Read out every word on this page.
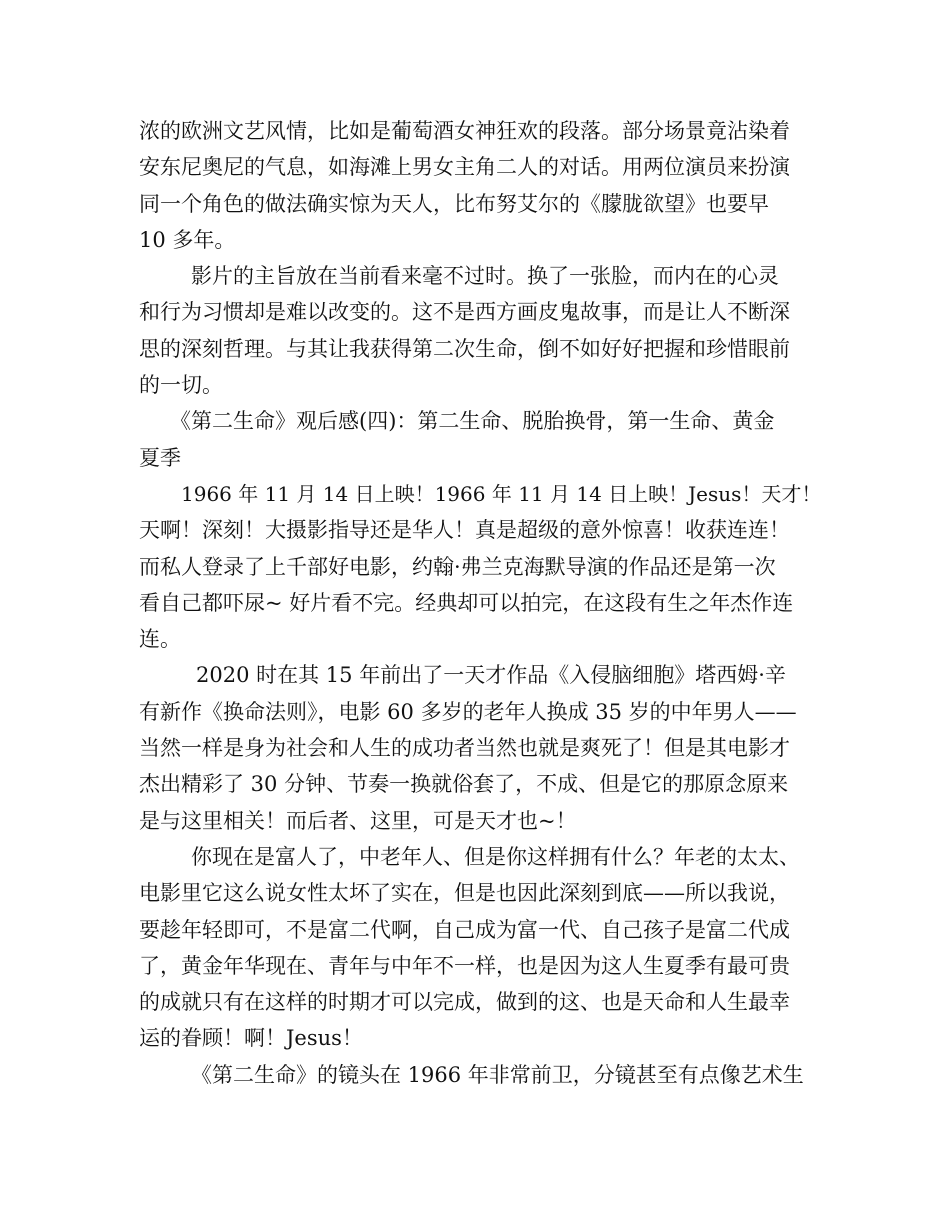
浓的欧洲文艺风情，比如是葡萄酒女神狂欢的段落。部分场景竟沾染着
安东尼奥尼的气息，如海滩上男女主角二人的对话。用两位演员来扮演
同一个角色的做法确实惊为天人，比布努艾尔的《朦胧欲望》也要早
10 多年。
影片的主旨放在当前看来毫不过时。换了一张脸，而内在的心灵
和行为习惯却是难以改变的。这不是西方画皮鬼故事，而是让人不断深
思的深刻哲理。与其让我获得第二次生命，倒不如好好把握和珍惜眼前
的一切。
《第二生命》观后感(四)：第二生命、脱胎换骨，第一生命、黄金
夏季
1966 年 11 月 14 日上映！1966 年 11 月 14 日上映！Jesus！天才！
天啊！深刻！大摄影指导还是华人！真是超级的意外惊喜！收获连连！
而私人登录了上千部好电影，约翰·弗兰克海默导演的作品还是第一次
看自己都吓尿~ 好片看不完。经典却可以拍完，在这段有生之年杰作连
连。
2020 时在其 15 年前出了一天才作品《入侵脑细胞》塔西姆·辛
有新作《换命法则》，电影 60 多岁的老年人换成 35 岁的中年男人——
当然一样是身为社会和人生的成功者当然也就是爽死了！但是其电影才
杰出精彩了 30 分钟、节奏一换就俗套了，不成、但是它的那原念原来
是与这里相关！而后者、这里，可是天才也~！
你现在是富人了，中老年人、但是你这样拥有什么？年老的太太、
电影里它这么说女性太坏了实在，但是也因此深刻到底——所以我说，
要趁年轻即可，不是富二代啊，自己成为富一代、自己孩子是富二代成
了，黄金年华现在、青年与中年不一样，也是因为这人生夏季有最可贵
的成就只有在这样的时期才可以完成，做到的这、也是天命和人生最幸
运的眷顾！啊！Jesus！
《第二生命》的镜头在 1966 年非常前卫，分镜甚至有点像艺术生
